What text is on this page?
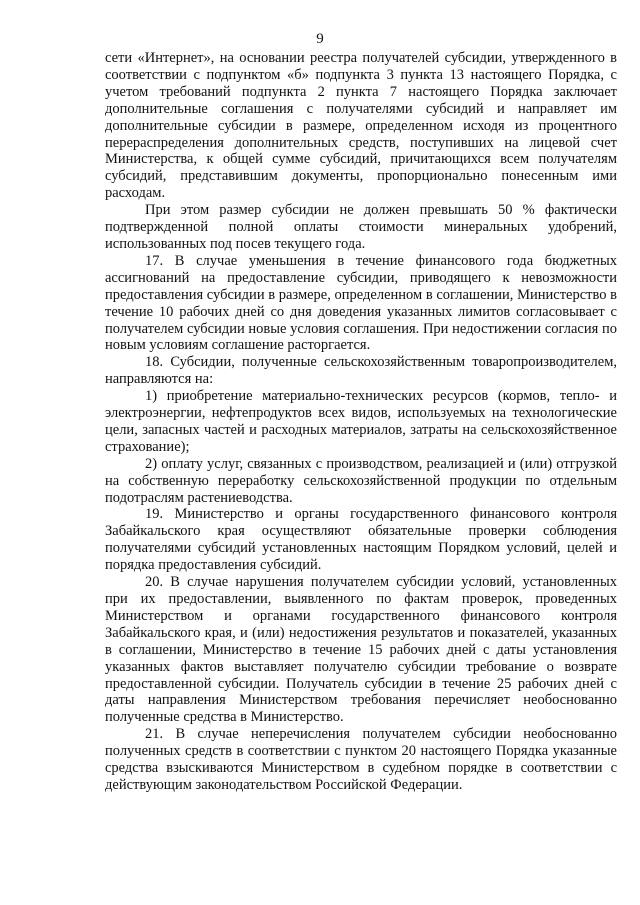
9

сети «Интернет», на основании реестра получателей субсидии, утвержденного в соответствии с подпунктом «б» подпункта 3 пункта 13 настоящего Порядка, с учетом требований подпункта 2 пункта 7 настоящего Порядка заключает дополнительные соглашения с получателями субсидий и направляет им дополнительные субсидии в размере, определенном исходя из процентного перераспределения дополнительных средств, поступивших на лицевой счет Министерства, к общей сумме субсидий, причитающихся всем получателям субсидий, представившим документы, пропорционально понесенным ими расходам.

При этом размер субсидии не должен превышать 50 % фактически подтвержденной полной оплаты стоимости минеральных удобрений, использованных под посев текущего года.

17. В случае уменьшения в течение финансового года бюджетных ассигнований на предоставление субсидии, приводящего к невозможности предоставления субсидии в размере, определенном в соглашении, Министерство в течение 10 рабочих дней со дня доведения указанных лимитов согласовывает с получателем субсидии новые условия соглашения. При недостижении согласия по новым условиям соглашение расторгается.

18. Субсидии, полученные сельскохозяйственным товаропроизводителем, направляются на:

1) приобретение материально-технических ресурсов (кормов, тепло- и электроэнергии, нефтепродуктов всех видов, используемых на технологические цели, запасных частей и расходных материалов, затраты на сельскохозяйственное страхование);

2) оплату услуг, связанных с производством, реализацией и (или) отгрузкой на собственную переработку сельскохозяйственной продукции по отдельным подотраслям растениеводства.

19. Министерство и органы государственного финансового контроля Забайкальского края осуществляют обязательные проверки соблюдения получателями субсидий установленных настоящим Порядком условий, целей и порядка предоставления субсидий.

20. В случае нарушения получателем субсидии условий, установленных при их предоставлении, выявленного по фактам проверок, проведенных Министерством и органами государственного финансового контроля Забайкальского края, и (или) недостижения результатов и показателей, указанных в соглашении, Министерство в течение 15 рабочих дней с даты установления указанных фактов выставляет получателю субсидии требование о возврате предоставленной субсидии. Получатель субсидии в течение 25 рабочих дней с даты направления Министерством требования перечисляет необоснованно полученные средства в Министерство.

21. В случае неперечисления получателем субсидии необоснованно полученных средств в соответствии с пунктом 20 настоящего Порядка указанные средства взыскиваются Министерством в судебном порядке в соответствии с действующим законодательством Российской Федерации.
